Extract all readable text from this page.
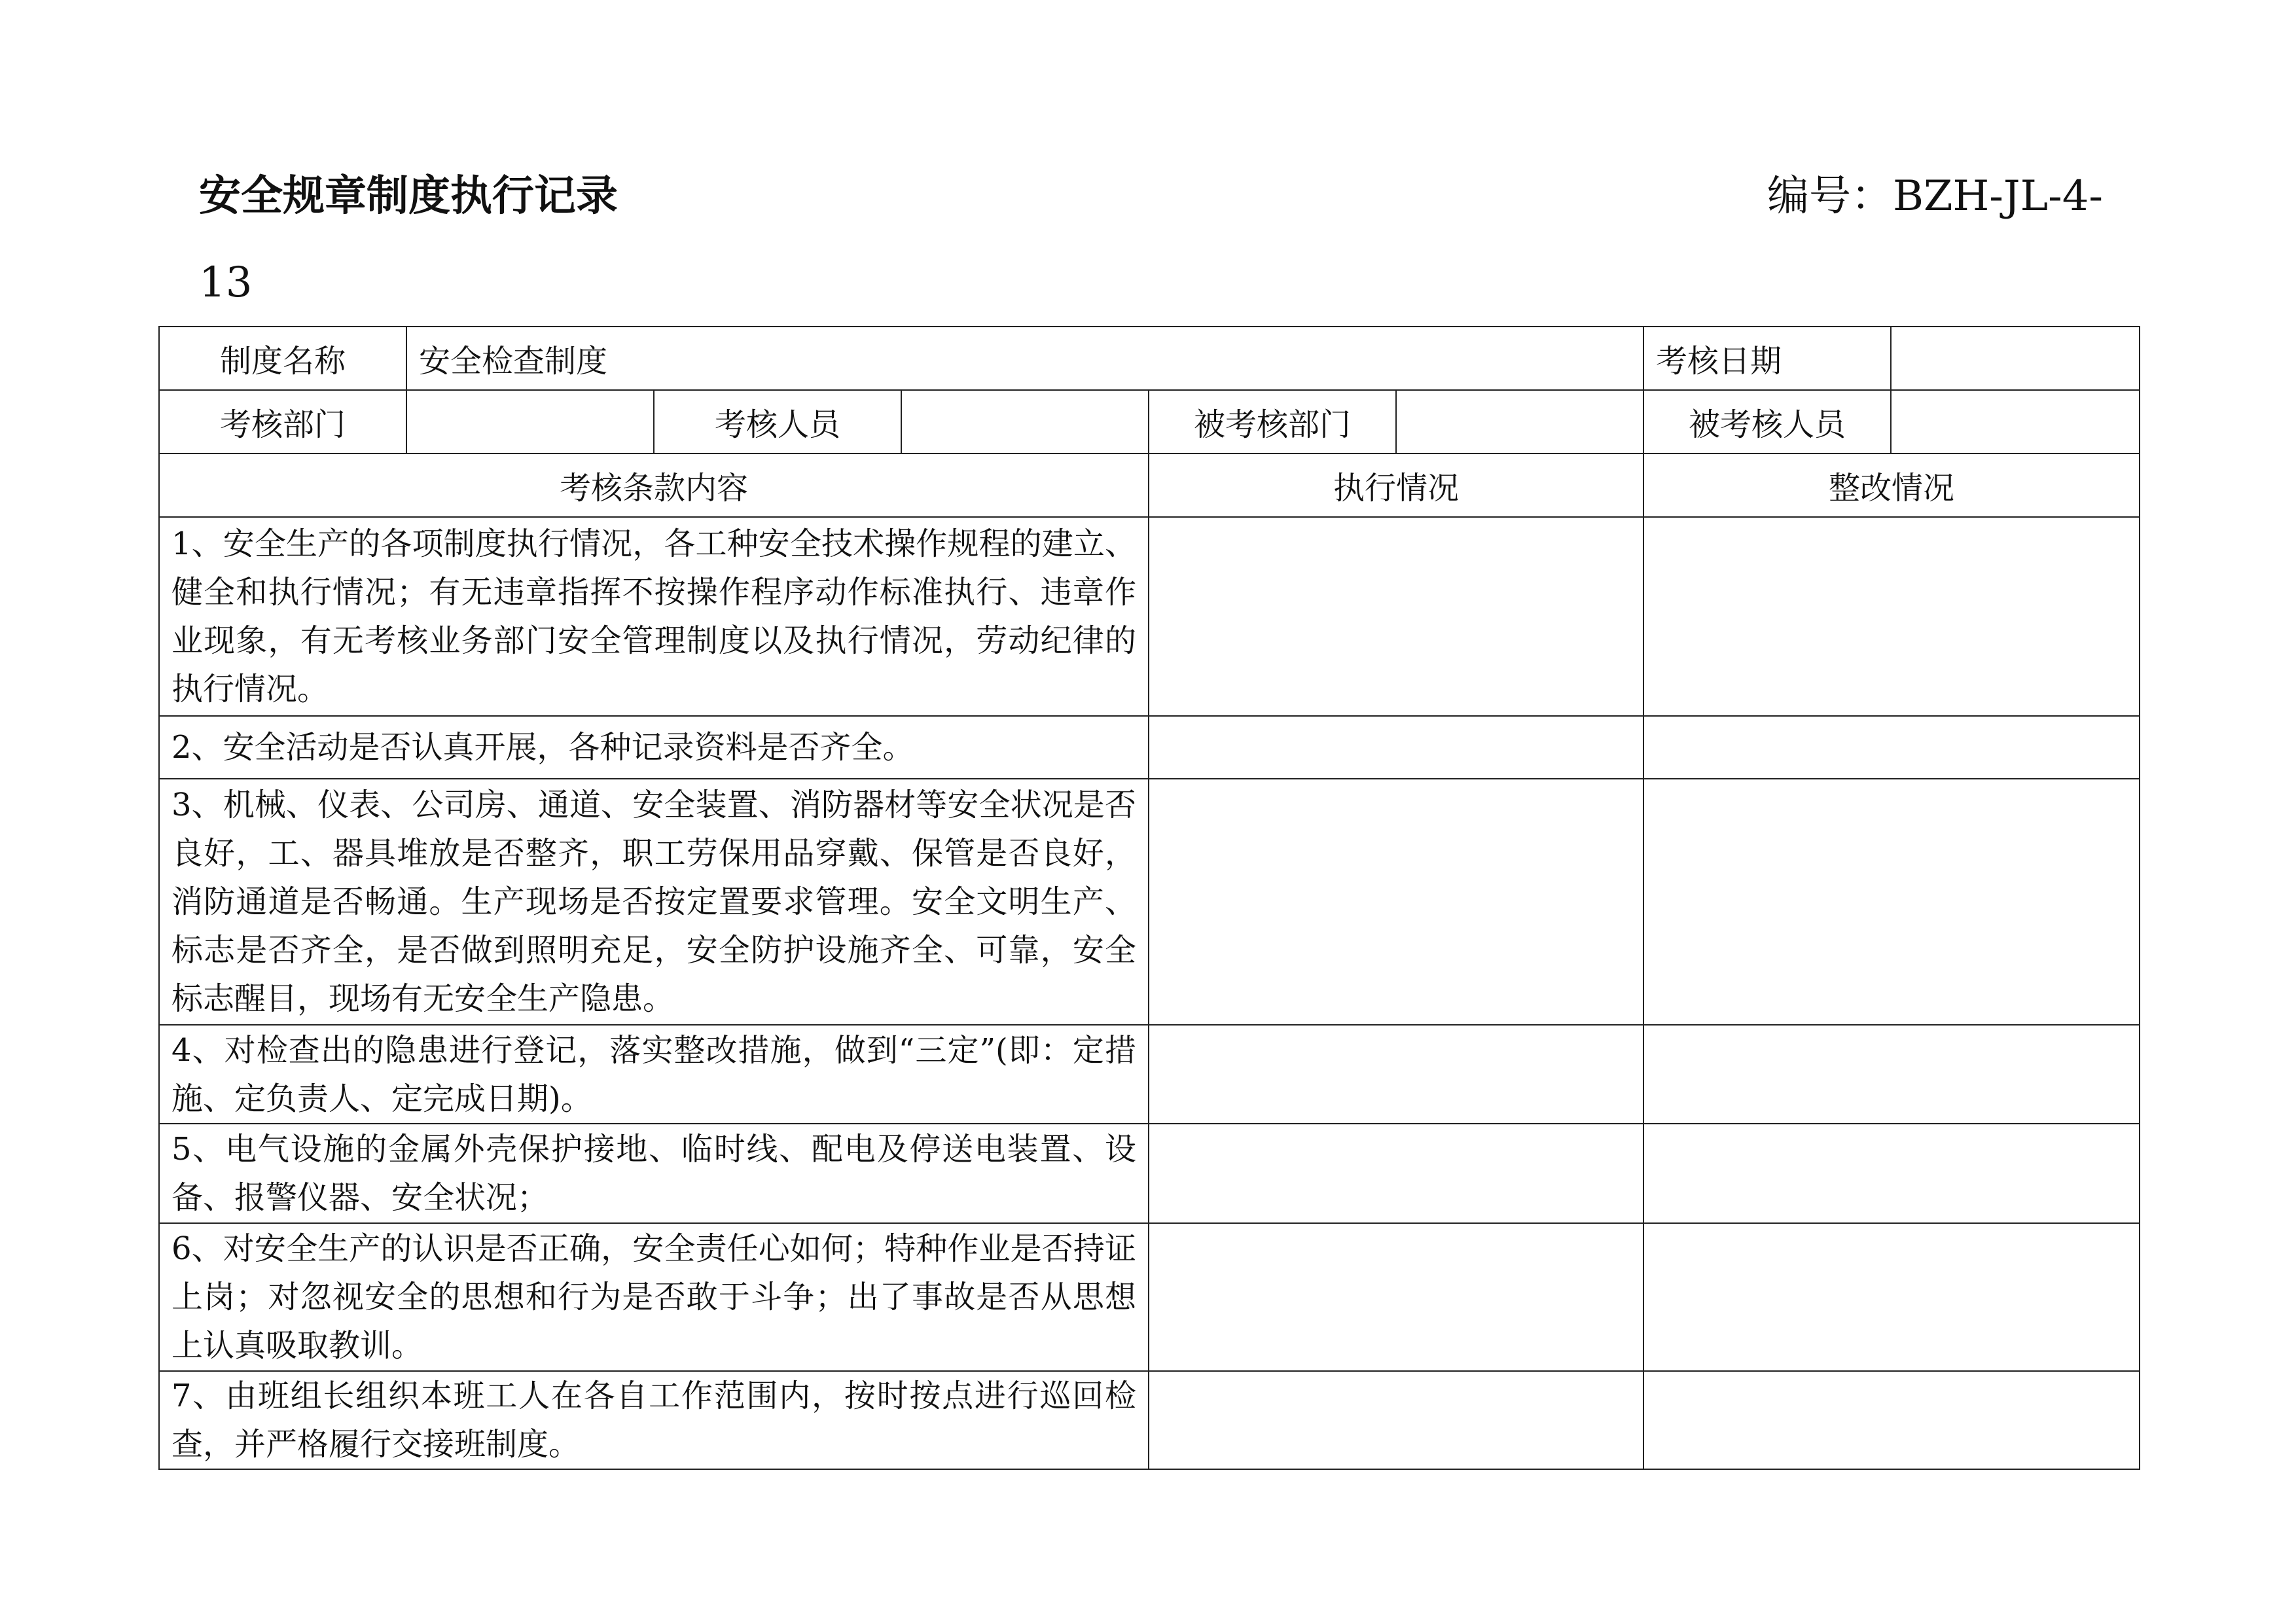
安全规章制度执行记录	编号：BZH-JL-4-
13
制度名称	安全检查制度					考核日期	
考核部门		考核人员		被考核部门		被考核人员	
考核条款内容				执行情况		整改情况	
1、安全生产的各项制度执行情况，各工种安全技术操作规程的建立、健全和执行情况；有无违章指挥不按操作程序动作标准执行、违章作业现象，有无考核业务部门安全管理制度以及执行情况，劳动纪律的执行情况。							
2、安全活动是否认真开展，各种记录资料是否齐全。							
3、机械、仪表、公司房、通道、安全装置、消防器材等安全状况是否良好，工、器具堆放是否整齐，职工劳保用品穿戴、保管是否良好，消防通道是否畅通。生产现场是否按定置要求管理。安全文明生产、标志是否齐全，是否做到照明充足，安全防护设施齐全、可靠，安全标志醒目，现场有无安全生产隐患。							
4、对检查出的隐患进行登记，落实整改措施，做到“三定”(即：定措施、定负责人、定完成日期)。							
5、电气设施的金属外壳保护接地、临时线、配电及停送电装置、设备、报警仪器、安全状况；							
6、对安全生产的认识是否正确，安全责任心如何；特种作业是否持证上岗；对忽视安全的思想和行为是否敢于斗争；出了事故是否从思想上认真吸取教训。							
7、由班组长组织本班工人在各自工作范围内，按时按点进行巡回检查，并严格履行交接班制度。							
